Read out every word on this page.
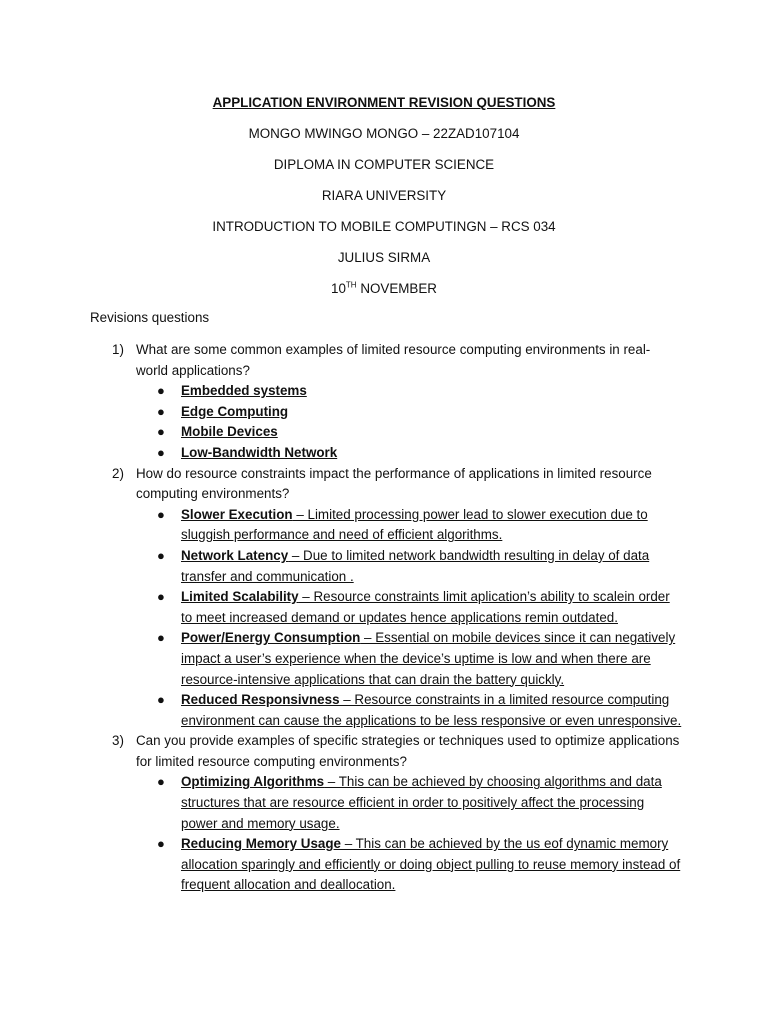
APPLICATION ENVIRONMENT REVISION QUESTIONS
MONGO MWINGO MONGO – 22ZAD107104
DIPLOMA IN COMPUTER SCIENCE
RIARA UNIVERSITY
INTRODUCTION TO MOBILE COMPUTINGN – RCS 034
JULIUS SIRMA
10TH NOVEMBER
Revisions questions
1) What are some common examples of limited resource computing environments in real-world applications?
● Embedded systems
● Edge Computing
● Mobile Devices
● Low-Bandwidth Network
2) How do resource constraints impact the performance of applications in limited resource computing environments?
● Slower Execution – Limited processing power lead to slower execution due to sluggish performance and need of efficient algorithms.
● Network Latency – Due to limited network bandwidth resulting in delay of data transfer and communication .
● Limited Scalability – Resource constraints limit aplication’s ability to scalein order to meet increased demand or updates hence applications remin outdated.
● Power/Energy Consumption – Essential on mobile devices since it can negatively impact a user’s experience when the device’s uptime is low and when there are resource-intensive applications that can drain the battery quickly.
● Reduced Responsivness – Resource constraints in a limited resource computing environment can cause the applications to be less responsive or even unresponsive.
3) Can you provide examples of specific strategies or techniques used to optimize applications for limited resource computing environments?
● Optimizing Algorithms – This can be achieved by choosing algorithms and data structures that are resource efficient in order to positively affect the processing power and memory usage.
● Reducing Memory Usage – This can be achieved by the us eof dynamic memory allocation sparingly and efficiently or doing object pulling to reuse memory instead of frequent allocation and deallocation.
